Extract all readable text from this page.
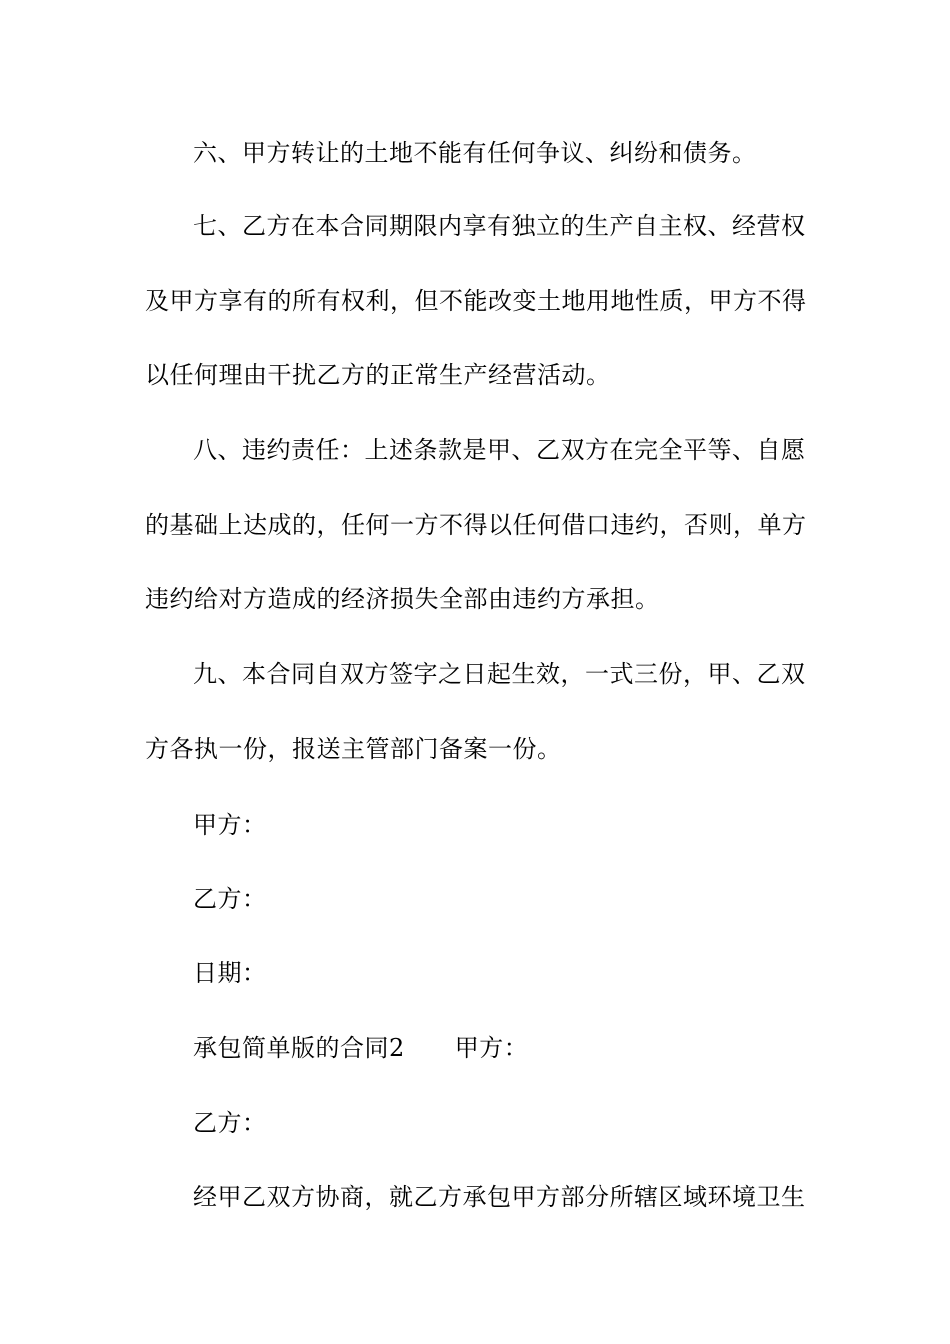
六、甲方转让的土地不能有任何争议、纠纷和债务。
七、乙方在本合同期限内享有独立的生产自主权、经营权
及甲方享有的所有权利，但不能改变土地用地性质，甲方不得
以任何理由干扰乙方的正常生产经营活动。
八、违约责任：上述条款是甲、乙双方在完全平等、自愿
的基础上达成的，任何一方不得以任何借口违约，否则，单方
违约给对方造成的经济损失全部由违约方承担。
九、本合同自双方签字之日起生效，一式三份，甲、乙双
方各执一份，报送主管部门备案一份。
甲方：
乙方：
日期：
承包简单版的合同2 甲方：
乙方：
经甲乙双方协商，就乙方承包甲方部分所辖区域环境卫生
